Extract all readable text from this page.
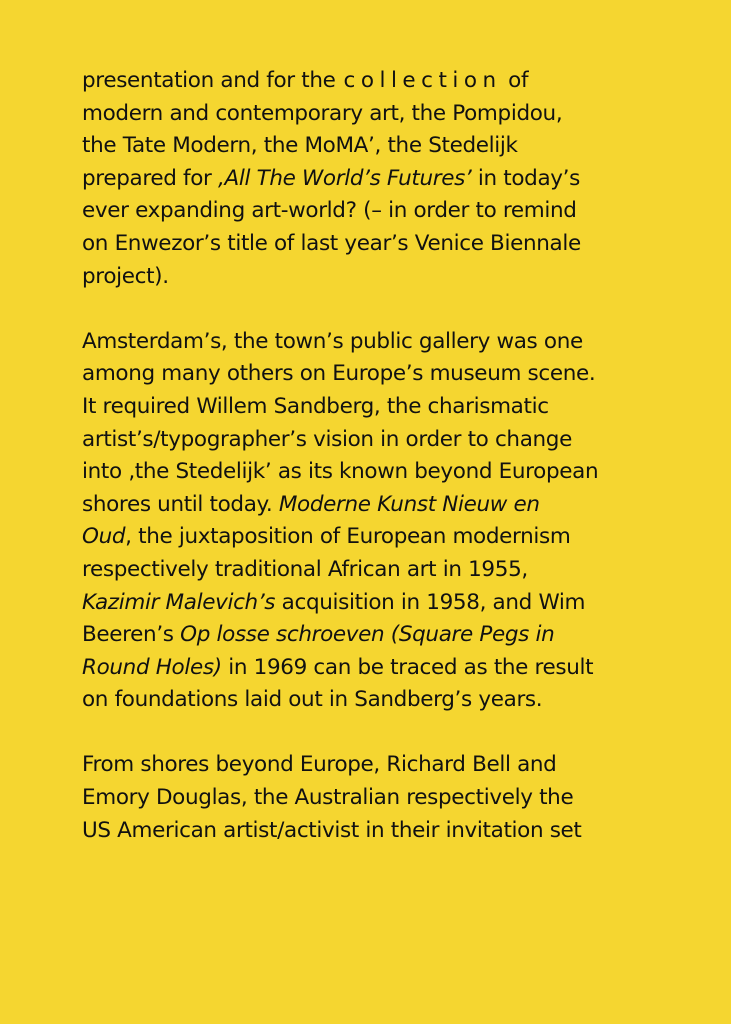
presentation and for the collection of
modern and contemporary art, the Pompidou,
the Tate Modern, the MoMA’, the Stedelijk
prepared for ‚All The World’s Futures’ in today’s
ever expanding art-world? (– in order to remind
on Enwezor’s title of last year’s Venice Biennale
project).

Amsterdam’s, the town’s public gallery was one
among many others on Europe’s museum scene.
It required Willem Sandberg, the charismatic
artist’s/typographer’s vision in order to change
into ‚the Stedelijk’ as its known beyond European
shores until today. Moderne Kunst Nieuw en
Oud, the juxtaposition of European modernism
respectively traditional African art in 1955,
Kazimir Malevich’s acquisition in 1958, and Wim
Beeren’s Op losse schroeven (Square Pegs in
Round Holes) in 1969 can be traced as the result
on foundations laid out in Sandberg’s years.

From shores beyond Europe, Richard Bell and
Emory Douglas, the Australian respectively the
US American artist/activist in their invitation set
